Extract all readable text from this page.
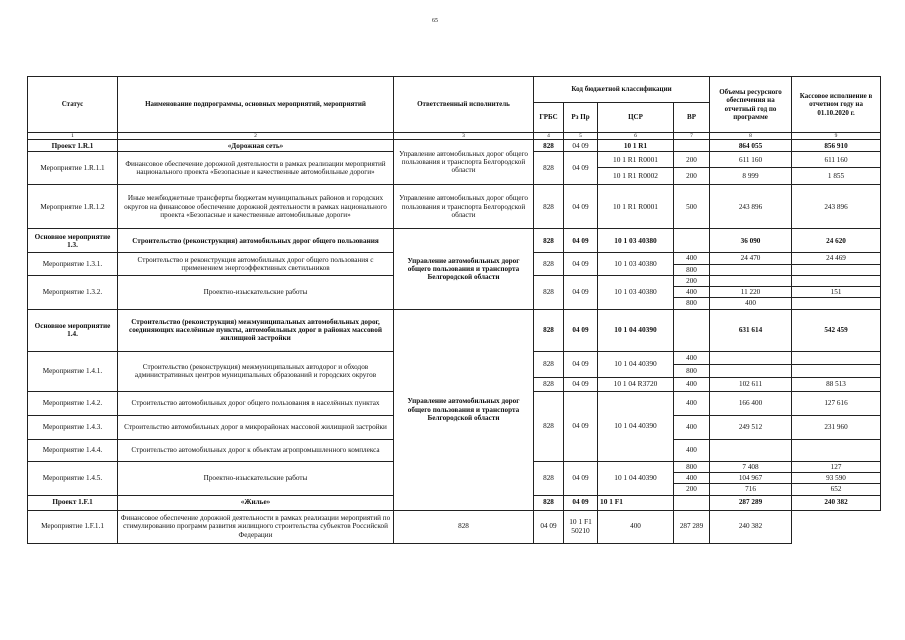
65
Статус	Наименование подпрограммы, основных мероприятий, мероприятий	Ответственный исполнитель	Код бюджетной классификации				Объемы ресурсного обеспечения на отчетный год по программе	Кассовое исполнение в отчетном году на 01.10.2020 г.
			ГРБС	Рз Пр	ЦСР	ВР		
1	2	3	4	5	6	7	8	9
Проект 1.R.1	«Дорожная сеть»	Управление автомобильных дорог общего пользования и транспорта Белгородской области	828	04 09	10 1 R1		864 055	856 910
Мероприятие 1.R.1.1	Финансовое обеспечение дорожной деятельности в рамках реализации мероприятий национального проекта «Безопасные и качественные автомобильные дороги»		828	04 09	10 1 R1 R0001	200	611 160	611 160
					10 1 R1 R0002	200	8 999	1 855
Мероприятие 1.R.1.2	Иные межбюджетные трансферты бюджетам муниципальных районов и городских округов на финансовое обеспечение дорожной деятельности в рамках национального проекта «Безопасные и качественные автомобильные дороги»	Управление автомобильных дорог общего пользования и транспорта Белгородской области	828	04 09	10 1 R1 R0001	500	243 896	243 896
Основное мероприятие 1.3.	Строительство (реконструкция) автомобильных дорог общего пользования	Управление автомобильных дорог общего пользования и транспорта Белгородской области	828	04 09	10 1 03 40380		36 090	24 620
Мероприятие 1.3.1.	Строительство и реконструкция автомобильных дорог общего пользования с применением энергоэффективных светильников		828	04 09	10 1 03 40380	400	24 470	24 469
						800		
Мероприятие 1.3.2.	Проектно-изыскательские работы		828	04 09	10 1 03 40380	200		
						400	11 220	151
						800	400	
Основное мероприятие 1.4.	Строительство (реконструкция) межмуниципальных автомобильных дорог, соединяющих населённые пункты, автомобильных дорог в районах массовой жилищной застройки	Управление автомобильных дорог общего пользования и транспорта Белгородской области	828	04 09	10 1 04 40390		631 614	542 459
Мероприятие 1.4.1.	Строительство (реконструкция) межмуниципальных автодорог и обходов административных центров муниципальных образований и городских округов		828	04 09	10 1 04 40390	400		
						800		
			828	04 09	10 1 04 R3720	400	102 611	88 513
Мероприятие 1.4.2.	Строительство автомобильных дорог общего пользования в населённых пунктах		828	04 09	10 1 04 40390	400	166 400	127 616
Мероприятие 1.4.3.	Строительство автомобильных дорог в микрорайонах массовой жилищной застройки					400	249 512	231 960
Мероприятие 1.4.4.	Строительство автомобильных дорог к объектам агропромышленного комплекса					400		
Мероприятие 1.4.5.	Проектно-изыскательские работы		828	04 09	10 1 04 40390	800	7 408	127
						400	104 967	93 590
						200	716	652
Проект 1.F.1	«Жилье»		828	04 09	10 1 F1		287 289	240 382
Мероприятие 1.F.1.1	Финансовое обеспечение дорожной деятельности в рамках реализации мероприятий по стимулированию программ развития жилищного строительства субъектов Российской Федерации	828	04 09	10 1 F1 50210	400	287 289	240 382	
